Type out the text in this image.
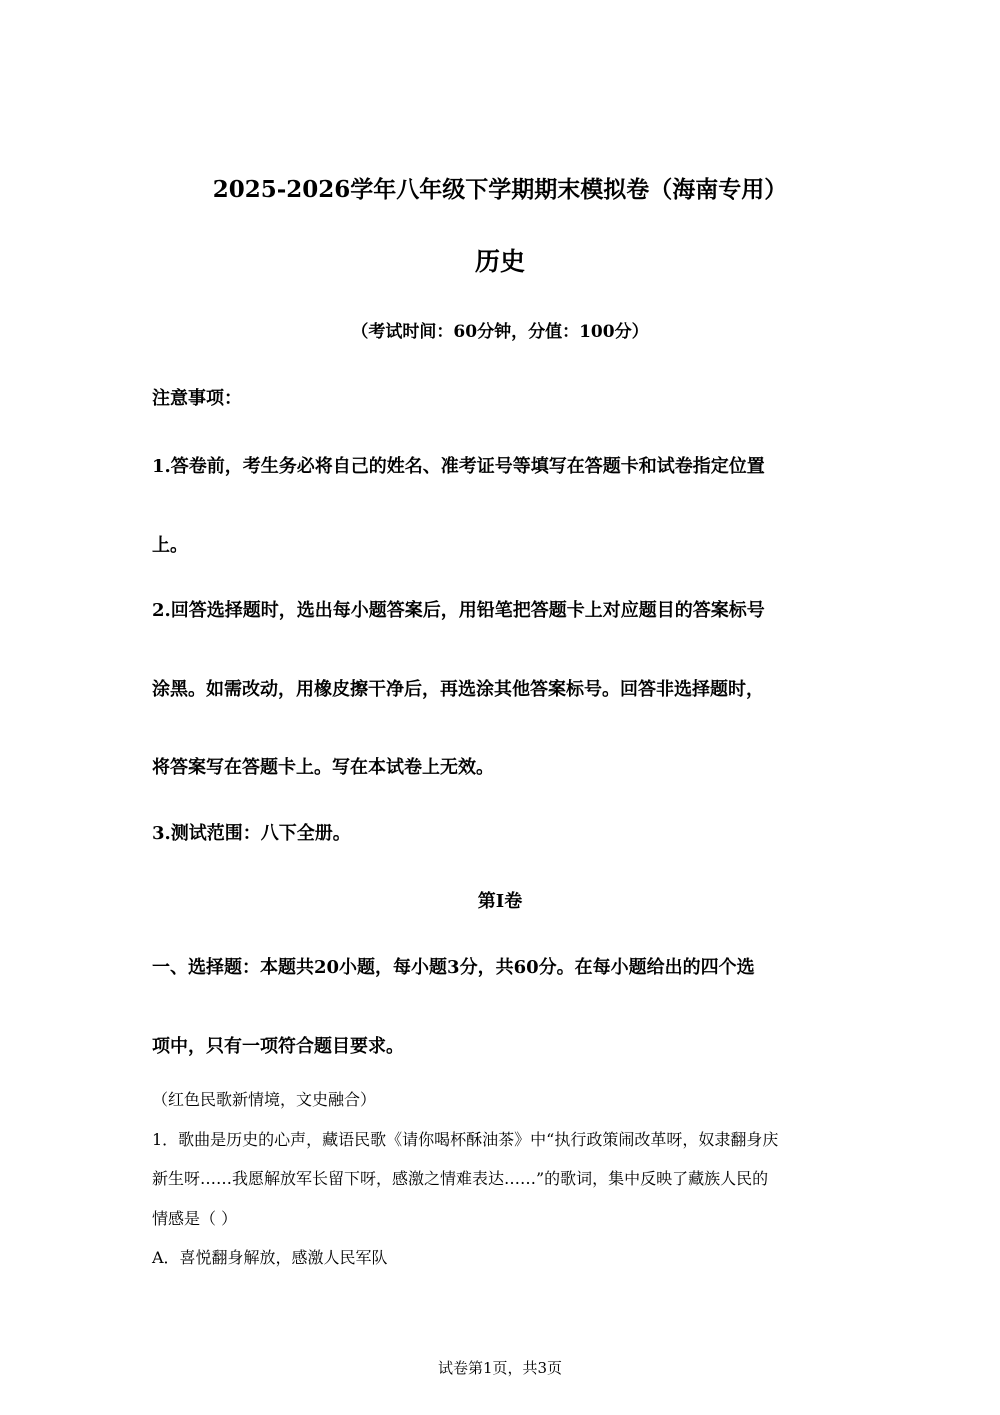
2025-2026学年八年级下学期期末模拟卷（海南专用）
历史
（考试时间：60分钟，分值：100分）
注意事项：
1.答卷前，考生务必将自己的姓名、准考证号等填写在答题卡和试卷指定位置
上。
2.回答选择题时，选出每小题答案后，用铅笔把答题卡上对应题目的答案标号
涂黑。如需改动，用橡皮擦干净后，再选涂其他答案标号。回答非选择题时，
将答案写在答题卡上。写在本试卷上无效。
3.测试范围：八下全册。
第Ⅰ卷
一、选择题：本题共20小题，每小题3分，共60分。在每小题给出的四个选
项中，只有一项符合题目要求。
（红色民歌新情境，文史融合）
1．歌曲是历史的心声，藏语民歌《请你喝杯酥油茶》中“执行政策闹改革呀，奴隶翻身庆
新生呀……我愿解放军长留下呀，感激之情难表达……”的歌词，集中反映了藏族人民的
情感是（ ）
A．喜悦翻身解放，感激人民军队
试卷第1页，共3页
